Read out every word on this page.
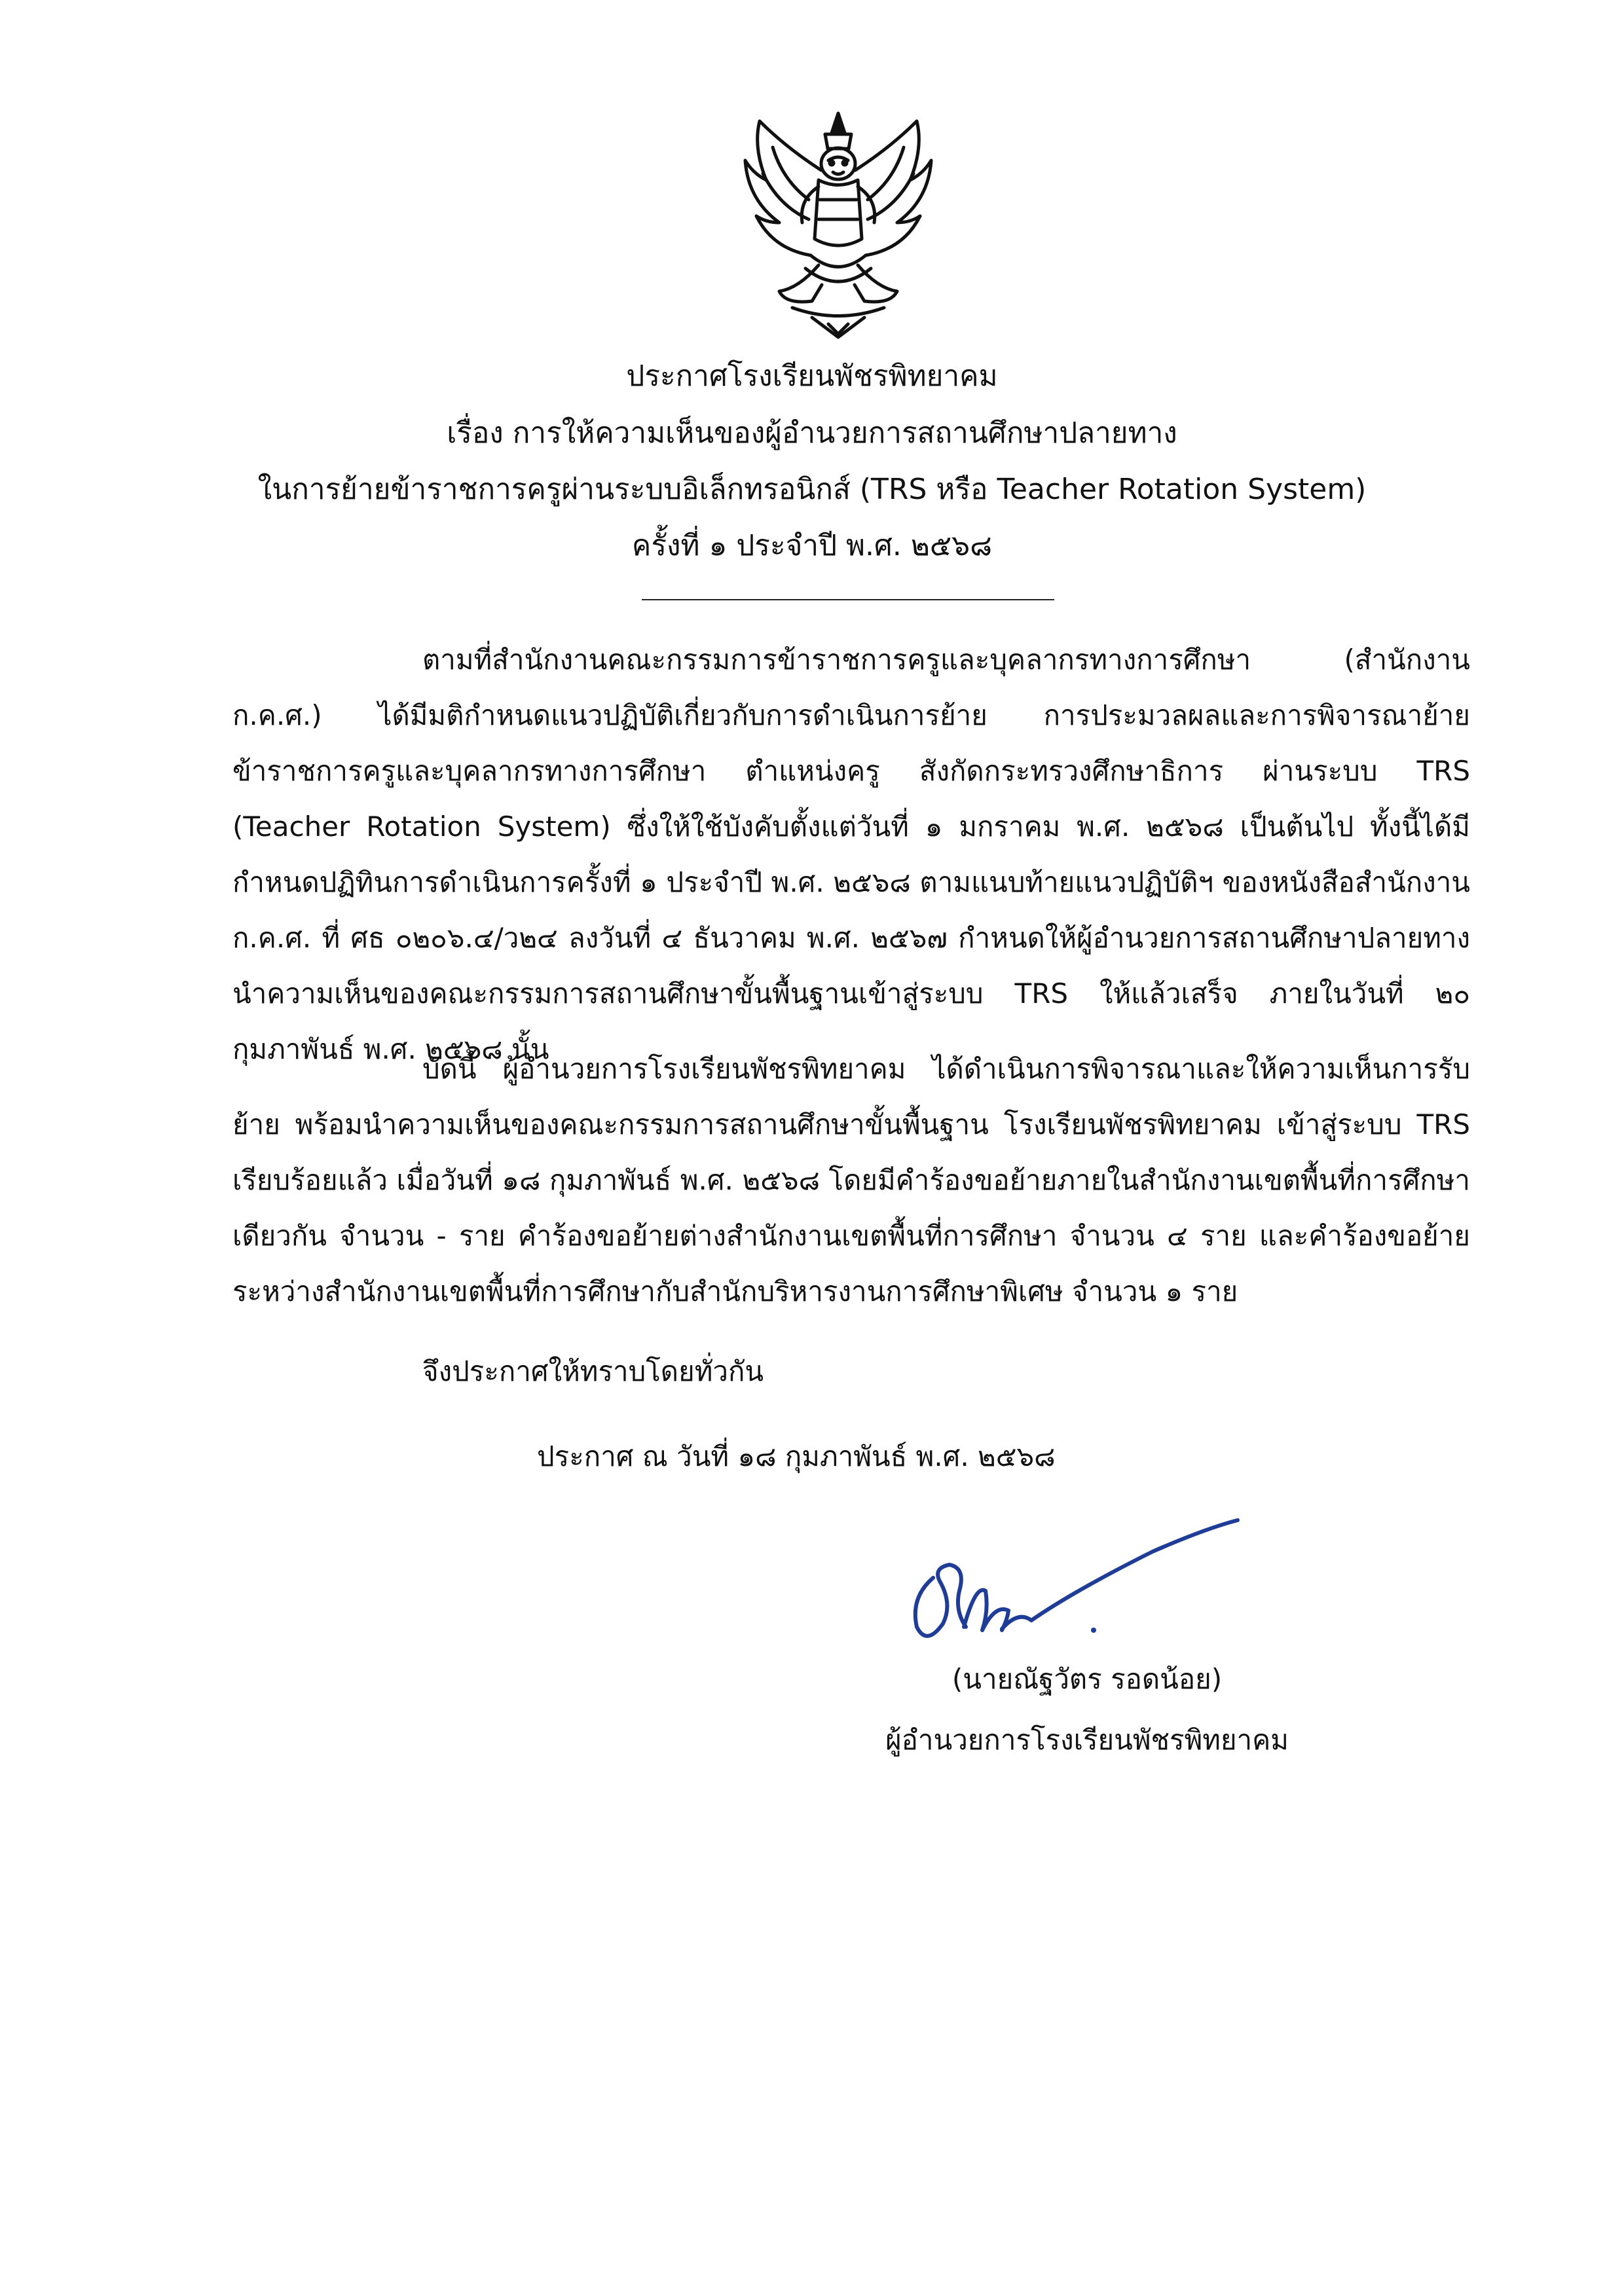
ประกาศโรงเรียนพัชรพิทยาคม
เรื่อง การให้ความเห็นของผู้อำนวยการสถานศึกษาปลายทาง
ในการย้ายข้าราชการครูผ่านระบบอิเล็กทรอนิกส์ (TRS หรือ Teacher Rotation System)
ครั้งที่ ๑ ประจำปี พ.ศ. ๒๕๖๘

ตามที่สำนักงานคณะกรรมการข้าราชการครูและบุคลากรทางการศึกษา (สำนักงาน ก.ค.ศ.) ได้มีมติกำหนดแนวปฏิบัติเกี่ยวกับการดำเนินการย้าย การประมวลผลและการพิจารณาย้ายข้าราชการครูและบุคลากรทางการศึกษา ตำแหน่งครู สังกัดกระทรวงศึกษาธิการ ผ่านระบบ TRS (Teacher Rotation System) ซึ่งให้ใช้บังคับตั้งแต่วันที่ ๑ มกราคม พ.ศ. ๒๕๖๘ เป็นต้นไป ทั้งนี้ได้มีกำหนดปฏิทินการดำเนินการครั้งที่ ๑ ประจำปี พ.ศ. ๒๕๖๘ ตามแนบท้ายแนวปฏิบัติฯ ของหนังสือสำนักงาน ก.ค.ศ. ที่ ศธ ๐๒๐๖.๔/ว๒๔ ลงวันที่ ๔ ธันวาคม พ.ศ. ๒๕๖๗ กำหนดให้ผู้อำนวยการสถานศึกษาปลายทาง นำความเห็นของคณะกรรมการสถานศึกษาขั้นพื้นฐานเข้าสู่ระบบ TRS ให้แล้วเสร็จ ภายในวันที่ ๒๐ กุมภาพันธ์ พ.ศ. ๒๕๖๘ นั้น

บัดนี้ ผู้อำนวยการโรงเรียนพัชรพิทยาคม ได้ดำเนินการพิจารณาและให้ความเห็นการรับย้าย พร้อมนำความเห็นของคณะกรรมการสถานศึกษาขั้นพื้นฐาน โรงเรียนพัชรพิทยาคม เข้าสู่ระบบ TRS เรียบร้อยแล้ว เมื่อวันที่ ๑๘ กุมภาพันธ์ พ.ศ. ๒๕๖๘ โดยมีคำร้องขอย้ายภายในสำนักงานเขตพื้นที่การศึกษาเดียวกัน จำนวน - ราย คำร้องขอย้ายต่างสำนักงานเขตพื้นที่การศึกษา จำนวน ๔ ราย และคำร้องขอย้ายระหว่างสำนักงานเขตพื้นที่การศึกษากับสำนักบริหารงานการศึกษาพิเศษ จำนวน ๑ ราย

จึงประกาศให้ทราบโดยทั่วกัน
ประกาศ ณ วันที่ ๑๘ กุมภาพันธ์ พ.ศ. ๒๕๖๘
(นายณัฐวัตร รอดน้อย)
ผู้อำนวยการโรงเรียนพัชรพิทยาคม
